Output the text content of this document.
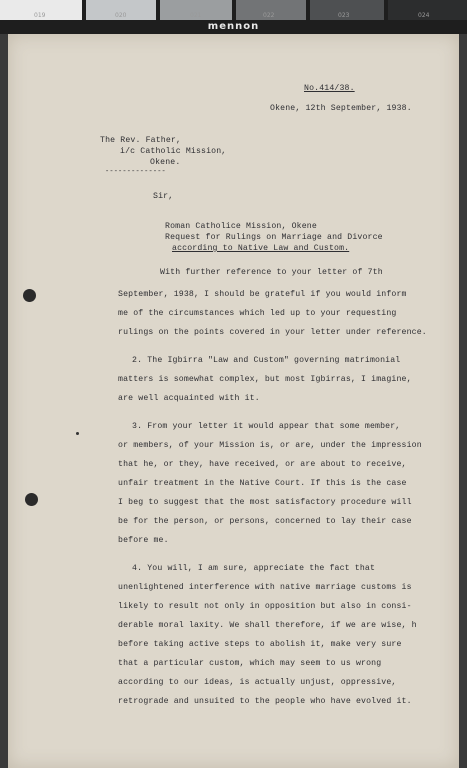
019	020	021	022	023	024
mennon
No.414/38.
Okene, 12th September, 1938.
The Rev. Father,
i/c Catholic Mission,
Okene.
--------------
Sir,
Roman Catholice Mission, Okene
Request for Rulings on Marriage and Divorce
according to Native Law and Custom.
With further reference to your letter of 7th
September, 1938, I should be grateful if you would inform
me of the circumstances which led up to your requesting
rulings on the points covered in your letter under reference.
2. The Igbirra "Law and Custom" governing matrimonial
matters is somewhat complex, but most Igbirras, I imagine,
are well acquainted with it.
3. From your letter it would appear that some member,
or members, of your Mission is, or are, under the impression
that he, or they, have received, or are about to receive,
unfair treatment in the Native Court. If this is the case
I beg to suggest that the most satisfactory procedure will
be for the person, or persons, concerned to lay their case
before me.
4. You will, I am sure, appreciate the fact that
unenlightened interference with native marriage customs is
likely to result not only in opposition but also in consi-
derable moral laxity. We shall therefore, if we are wise, h
before taking active steps to abolish it, make very sure
that a particular custom, which may seem to us wrong
according to our ideas, is actually unjust, oppressive,
retrograde and unsuited to the people who have evolved it.
